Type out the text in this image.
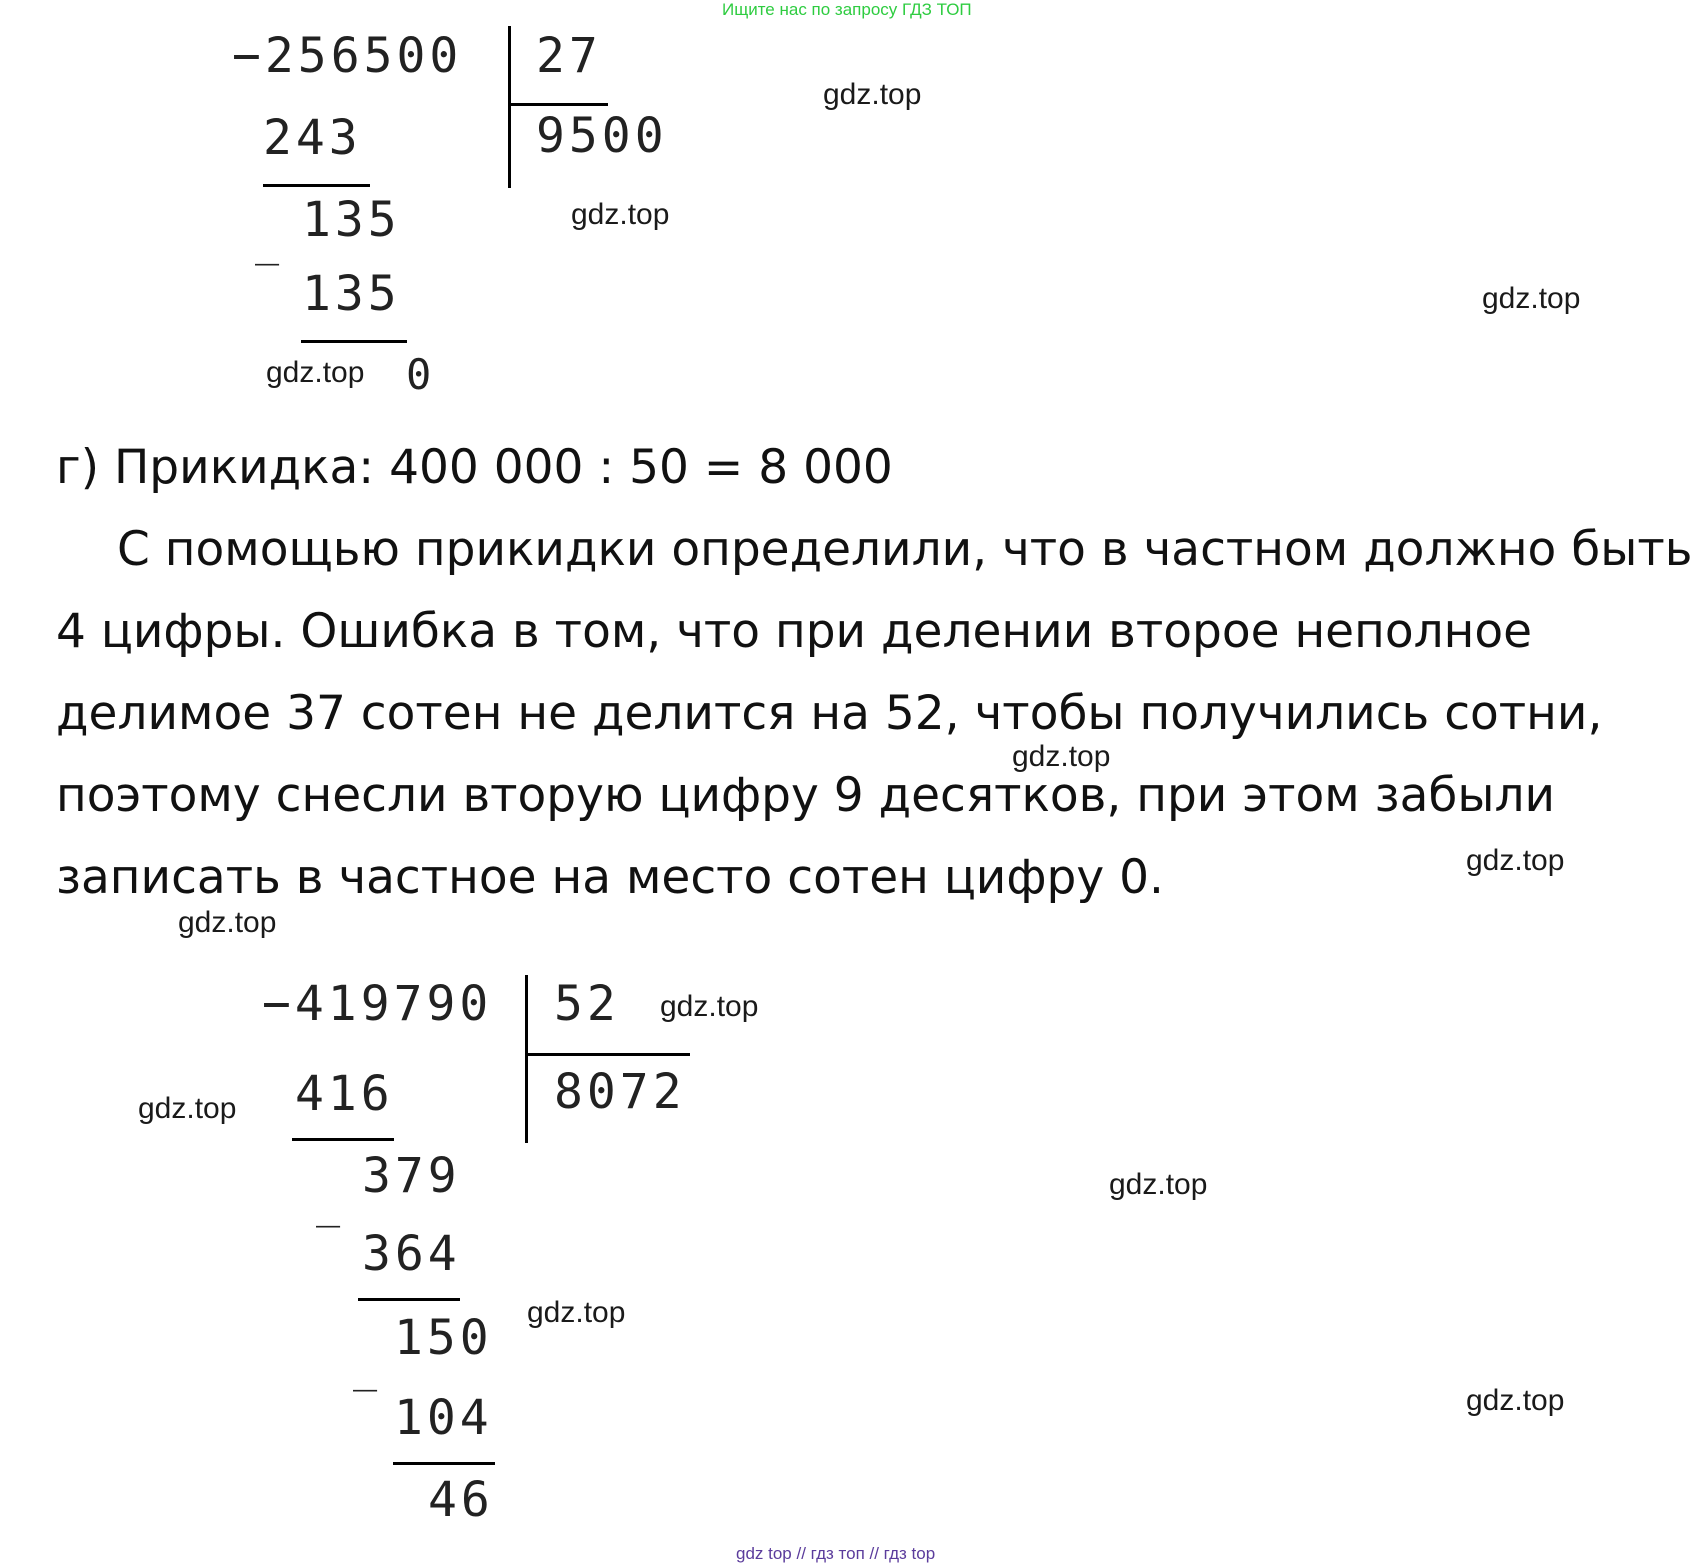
Ищите нас по запросу ГДЗ ТОП
−256500 27
9500
243
_ 135
135
0
г) Прикидка: 400 000 : 50 = 8 000
С помощью прикидки определили, что в частном должно быть
4 цифры. Ошибка в том, что при делении второе неполное
делимое 37 сотен не делится на 52, чтобы получились сотни,
поэтому снесли вторую цифру 9 десятков, при этом забыли
записать в частное на место сотен цифру 0.
−419790 52
8072
416
_
379
364
_
150
104
46
gdz.top
gdz.top
gdz.top
gdz.top
gdz.top
gdz.top
gdz.top
gdz.top
gdz.top
gdz.top
gdz.top
gdz.top
gdz top // гдз топ // гдз top
